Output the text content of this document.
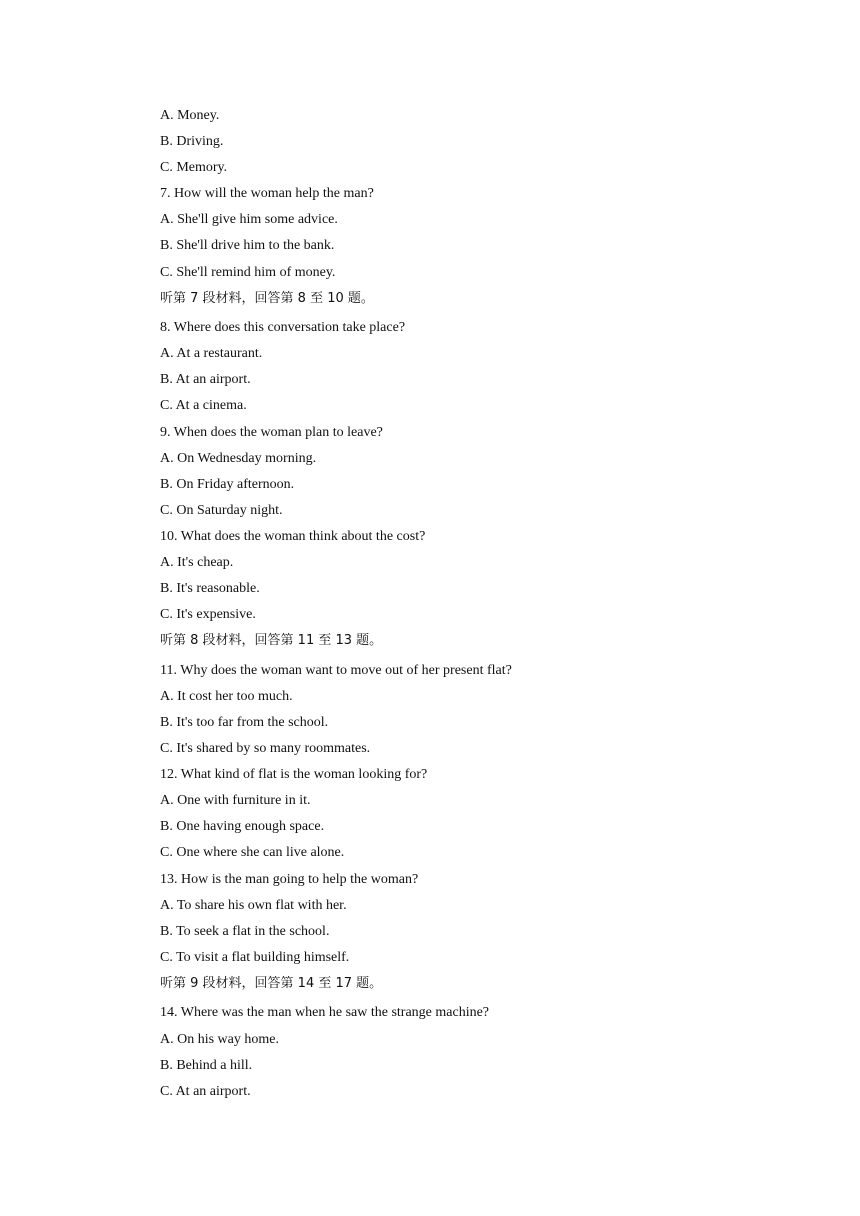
A. Money.
B. Driving.
C. Memory.
7. How will the woman help the man?
A. She'll give him some advice.
B. She'll drive him to the bank.
C. She'll remind him of money.
听第 7 段材料，回答第 8 至 10 题。
8. Where does this conversation take place?
A. At a restaurant.
B. At an airport.
C. At a cinema.
9. When does the woman plan to leave?
A. On Wednesday morning.
B. On Friday afternoon.
C. On Saturday night.
10. What does the woman think about the cost?
A. It's cheap.
B. It's reasonable.
C. It's expensive.
听第 8 段材料，回答第 11 至 13 题。
11. Why does the woman want to move out of her present flat?
A. It cost her too much.
B. It's too far from the school.
C. It's shared by so many roommates.
12. What kind of flat is the woman looking for?
A. One with furniture in it.
B. One having enough space.
C. One where she can live alone.
13. How is the man going to help the woman?
A. To share his own flat with her.
B. To seek a flat in the school.
C. To visit a flat building himself.
听第 9 段材料，回答第 14 至 17 题。
14. Where was the man when he saw the strange machine?
A. On his way home.
B. Behind a hill.
C. At an airport.
